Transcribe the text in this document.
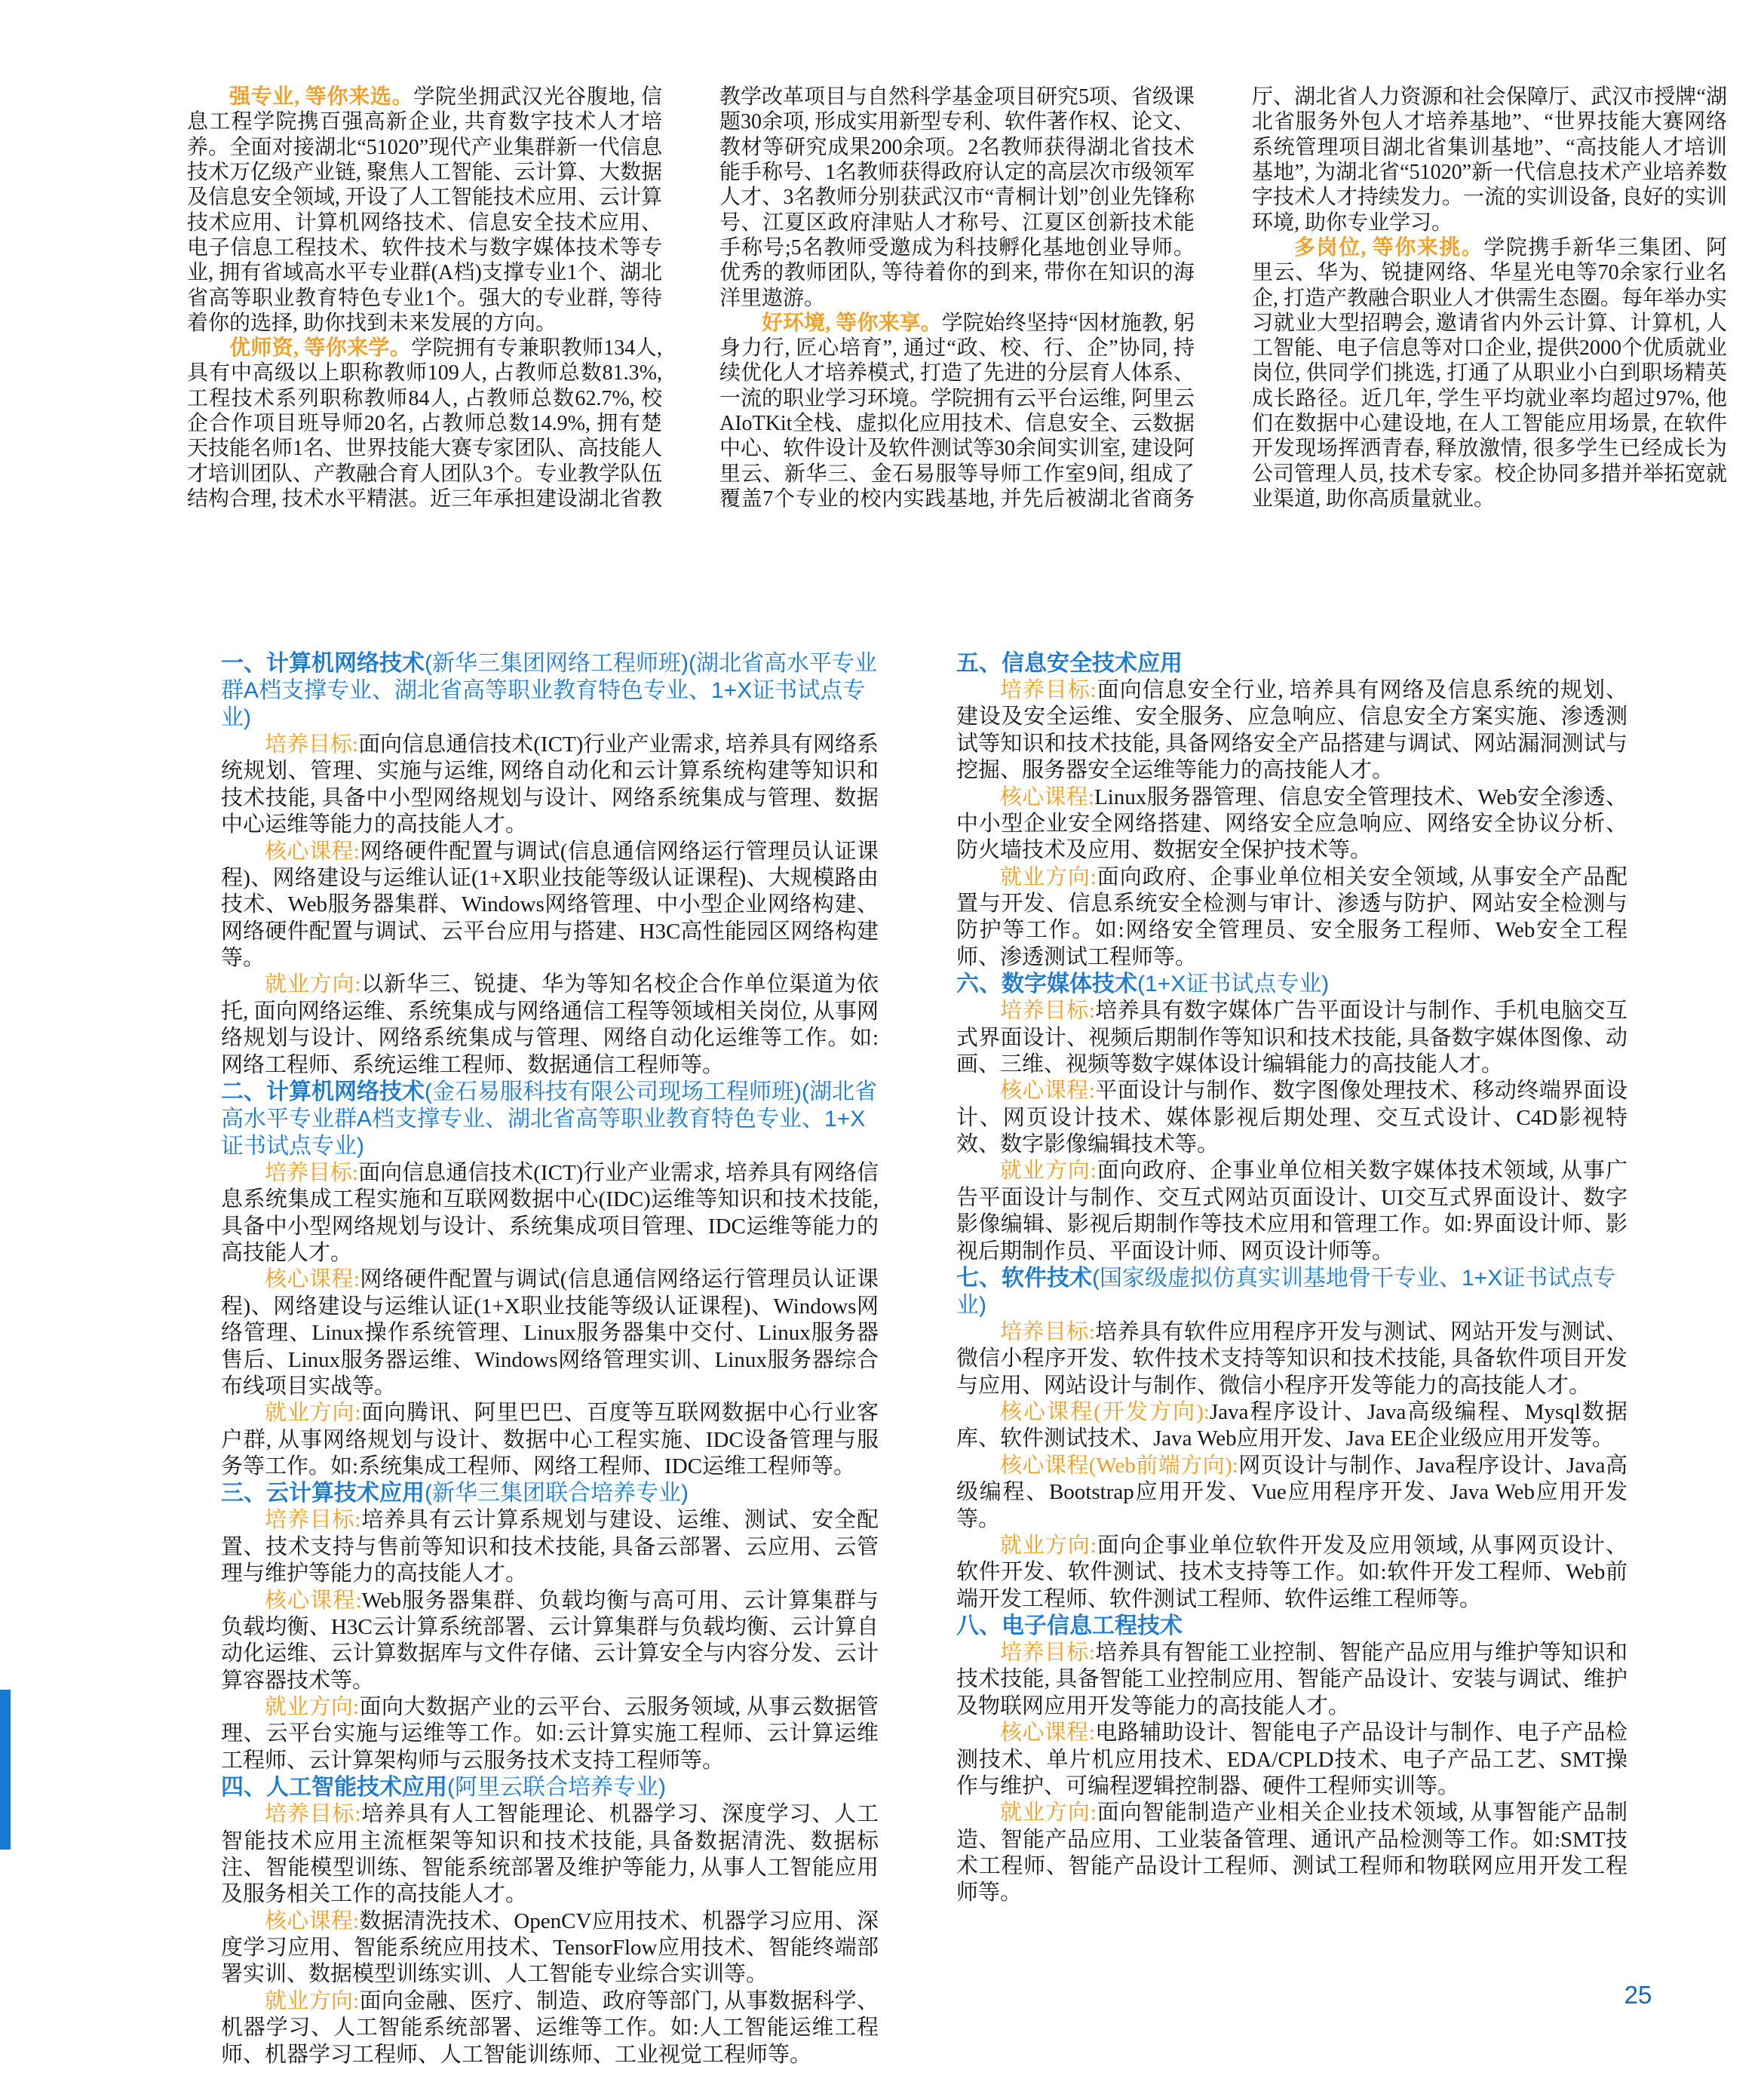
强专业, 等你来选。学院坐拥武汉光谷腹地, 信息工程学院携百强高新企业, 共育数字技术人才培养。全面对接湖北“51020”现代产业集群新一代信息技术万亿级产业链, 聚焦人工智能、云计算、大数据及信息安全领域, 开设了人工智能技术应用、云计算技术应用、计算机网络技术、信息安全技术应用、电子信息工程技术、软件技术与数字媒体技术等专业, 拥有省域高水平专业群(A档)支撑专业1个、湖北省高等职业教育特色专业1个。强大的专业群, 等待着你的选择, 助你找到未来发展的方向。

优师资, 等你来学。学院拥有专兼职教师134人, 具有中高级以上职称教师109人, 占教师总数81.3%, 工程技术系列职称教师84人, 占教师总数62.7%, 校企合作项目班导师20名, 占教师总数14.9%, 拥有楚天技能名师1名、世界技能大赛专家团队、高技能人才培训团队、产教融合育人团队3个。专业教学队伍结构合理, 技术水平精湛。近三年承担建设湖北省教教学改革项目与自然科学基金项目研究5项、省级课题30余项, 形成实用新型专利、软件著作权、论文、教材等研究成果200余项。2名教师获得湖北省技术能手称号、1名教师获得政府认定的高层次市级领军人才、3名教师分别获武汉市“青桐计划”创业先锋称号、江夏区政府津贴人才称号、江夏区创新技术能手称号;5名教师受邀成为科技孵化基地创业导师。优秀的教师团队, 等待着你的到来, 带你在知识的海洋里遨游。

好环境, 等你来享。学院始终坚持“因材施教, 躬身力行, 匠心培育”, 通过“政、校、行、企”协同, 持续优化人才培养模式, 打造了先进的分层育人体系、一流的职业学习环境。学院拥有云平台运维, 阿里云AIoTKit全栈、虚拟化应用技术、信息安全、云数据中心、软件设计及软件测试等30余间实训室, 建设阿里云、新华三、金石易服等导师工作室9间, 组成了覆盖7个专业的校内实践基地, 并先后被湖北省商务厅、湖北省人力资源和社会保障厅、武汉市授牌“湖北省服务外包人才培养基地”、“世界技能大赛网络系统管理项目湖北省集训基地”、“高技能人才培训基地”, 为湖北省“51020”新一代信息技术产业培养数字技术人才持续发力。一流的实训设备, 良好的实训环境, 助你专业学习。

多岗位, 等你来挑。学院携手新华三集团、阿里云、华为、锐捷网络、华星光电等70余家行业名企, 打造产教融合职业人才供需生态圈。每年举办实习就业大型招聘会, 邀请省内外云计算、计算机, 人工智能、电子信息等对口企业, 提供2000个优质就业岗位, 供同学们挑选, 打通了从职业小白到职场精英成长路径。近几年, 学生平均就业率均超过97%, 他们在数据中心建设地, 在人工智能应用场景, 在软件开发现场挥洒青春, 释放激情, 很多学生已经成长为公司管理人员, 技术专家。校企协同多措并举拓宽就业渠道, 助你高质量就业。

一、计算机网络技术(新华三集团网络工程师班)(湖北省高水平专业群A档支撑专业、湖北省高等职业教育特色专业、1+X证书试点专业)

培养目标:面向信息通信技术(ICT)行业产业需求, 培养具有网络系统规划、管理、实施与运维, 网络自动化和云计算系统构建等知识和技术技能, 具备中小型网络规划与设计、网络系统集成与管理、数据中心运维等能力的高技能人才。

核心课程:网络硬件配置与调试(信息通信网络运行管理员认证课程)、网络建设与运维认证(1+X职业技能等级认证课程)、大规模路由技术、Web服务器集群、Windows网络管理、中小型企业网络构建、网络硬件配置与调试、云平台应用与搭建、H3C高性能园区网络构建等。

就业方向:以新华三、锐捷、华为等知名校企合作单位渠道为依托, 面向网络运维、系统集成与网络通信工程等领域相关岗位, 从事网络规划与设计、网络系统集成与管理、网络自动化运维等工作。如:网络工程师、系统运维工程师、数据通信工程师等。

二、计算机网络技术(金石易服科技有限公司现场工程师班)(湖北省高水平专业群A档支撑专业、湖北省高等职业教育特色专业、1+X证书试点专业)

培养目标:面向信息通信技术(ICT)行业产业需求, 培养具有网络信息系统集成工程实施和互联网数据中心(IDC)运维等知识和技术技能, 具备中小型网络规划与设计、系统集成项目管理、IDC运维等能力的高技能人才。

核心课程:网络硬件配置与调试(信息通信网络运行管理员认证课程)、网络建设与运维认证(1+X职业技能等级认证课程)、Windows网络管理、Linux操作系统管理、Linux服务器集中交付、Linux服务器售后、Linux服务器运维、Windows网络管理实训、Linux服务器综合布线项目实战等。

就业方向:面向腾讯、阿里巴巴、百度等互联网数据中心行业客户群, 从事网络规划与设计、数据中心工程实施、IDC设备管理与服务等工作。如:系统集成工程师、网络工程师、IDC运维工程师等。

三、云计算技术应用(新华三集团联合培养专业)

培养目标:培养具有云计算系规划与建设、运维、测试、安全配置、技术支持与售前等知识和技术技能, 具备云部署、云应用、云管理与维护等能力的高技能人才。

核心课程:Web服务器集群、负载均衡与高可用、云计算集群与负载均衡、H3C云计算系统部署、云计算集群与负载均衡、云计算自动化运维、云计算数据库与文件存储、云计算安全与内容分发、云计算容器技术等。

就业方向:面向大数据产业的云平台、云服务领域, 从事云数据管理、云平台实施与运维等工作。如:云计算实施工程师、云计算运维工程师、云计算架构师与云服务技术支持工程师等。

四、人工智能技术应用(阿里云联合培养专业)

培养目标:培养具有人工智能理论、机器学习、深度学习、人工智能技术应用主流框架等知识和技术技能, 具备数据清洗、数据标注、智能模型训练、智能系统部署及维护等能力, 从事人工智能应用及服务相关工作的高技能人才。

核心课程:数据清洗技术、OpenCV应用技术、机器学习应用、深度学习应用、智能系统应用技术、TensorFlow应用技术、智能终端部署实训、数据模型训练实训、人工智能专业综合实训等。

就业方向:面向金融、医疗、制造、政府等部门, 从事数据科学、机器学习、人工智能系统部署、运维等工作。如:人工智能运维工程师、机器学习工程师、人工智能训练师、工业视觉工程师等。

五、信息安全技术应用

培养目标:面向信息安全行业, 培养具有网络及信息系统的规划、建设及安全运维、安全服务、应急响应、信息安全方案实施、渗透测试等知识和技术技能, 具备网络安全产品搭建与调试、网站漏洞测试与挖掘、服务器安全运维等能力的高技能人才。

核心课程:Linux服务器管理、信息安全管理技术、Web安全渗透、中小型企业安全网络搭建、网络安全应急响应、网络安全协议分析、防火墙技术及应用、数据安全保护技术等。

就业方向:面向政府、企事业单位相关安全领域, 从事安全产品配置与开发、信息系统安全检测与审计、渗透与防护、网站安全检测与防护等工作。如:网络安全管理员、安全服务工程师、Web安全工程师、渗透测试工程师等。

六、数字媒体技术(1+X证书试点专业)

培养目标:培养具有数字媒体广告平面设计与制作、手机电脑交互式界面设计、视频后期制作等知识和技术技能, 具备数字媒体图像、动画、三维、视频等数字媒体设计编辑能力的高技能人才。

核心课程:平面设计与制作、数字图像处理技术、移动终端界面设计、网页设计技术、媒体影视后期处理、交互式设计、C4D影视特效、数字影像编辑技术等。

就业方向:面向政府、企事业单位相关数字媒体技术领域, 从事广告平面设计与制作、交互式网站页面设计、UI交互式界面设计、数字影像编辑、影视后期制作等技术应用和管理工作。如:界面设计师、影视后期制作员、平面设计师、网页设计师等。

七、软件技术(国家级虚拟仿真实训基地骨干专业、1+X证书试点专业)

培养目标:培养具有软件应用程序开发与测试、网站开发与测试、微信小程序开发、软件技术支持等知识和技术技能, 具备软件项目开发与应用、网站设计与制作、微信小程序开发等能力的高技能人才。

核心课程(开发方向):Java程序设计、Java高级编程、Mysql数据库、软件测试技术、Java Web应用开发、Java EE企业级应用开发等。

核心课程(Web前端方向):网页设计与制作、Java程序设计、Java高级编程、Bootstrap应用开发、Vue应用程序开发、Java Web应用开发等。

就业方向:面向企事业单位软件开发及应用领域, 从事网页设计、软件开发、软件测试、技术支持等工作。如:软件开发工程师、Web前端开发工程师、软件测试工程师、软件运维工程师等。

八、电子信息工程技术

培养目标:培养具有智能工业控制、智能产品应用与维护等知识和技术技能, 具备智能工业控制应用、智能产品设计、安装与调试、维护及物联网应用开发等能力的高技能人才。

核心课程:电路辅助设计、智能电子产品设计与制作、电子产品检测技术、单片机应用技术、EDA/CPLD技术、电子产品工艺、SMT操作与维护、可编程逻辑控制器、硬件工程师实训等。

就业方向:面向智能制造产业相关企业技术领域, 从事智能产品制造、智能产品应用、工业装备管理、通讯产品检测等工作。如:SMT技术工程师、智能产品设计工程师、测试工程师和物联网应用开发工程师等。

25
